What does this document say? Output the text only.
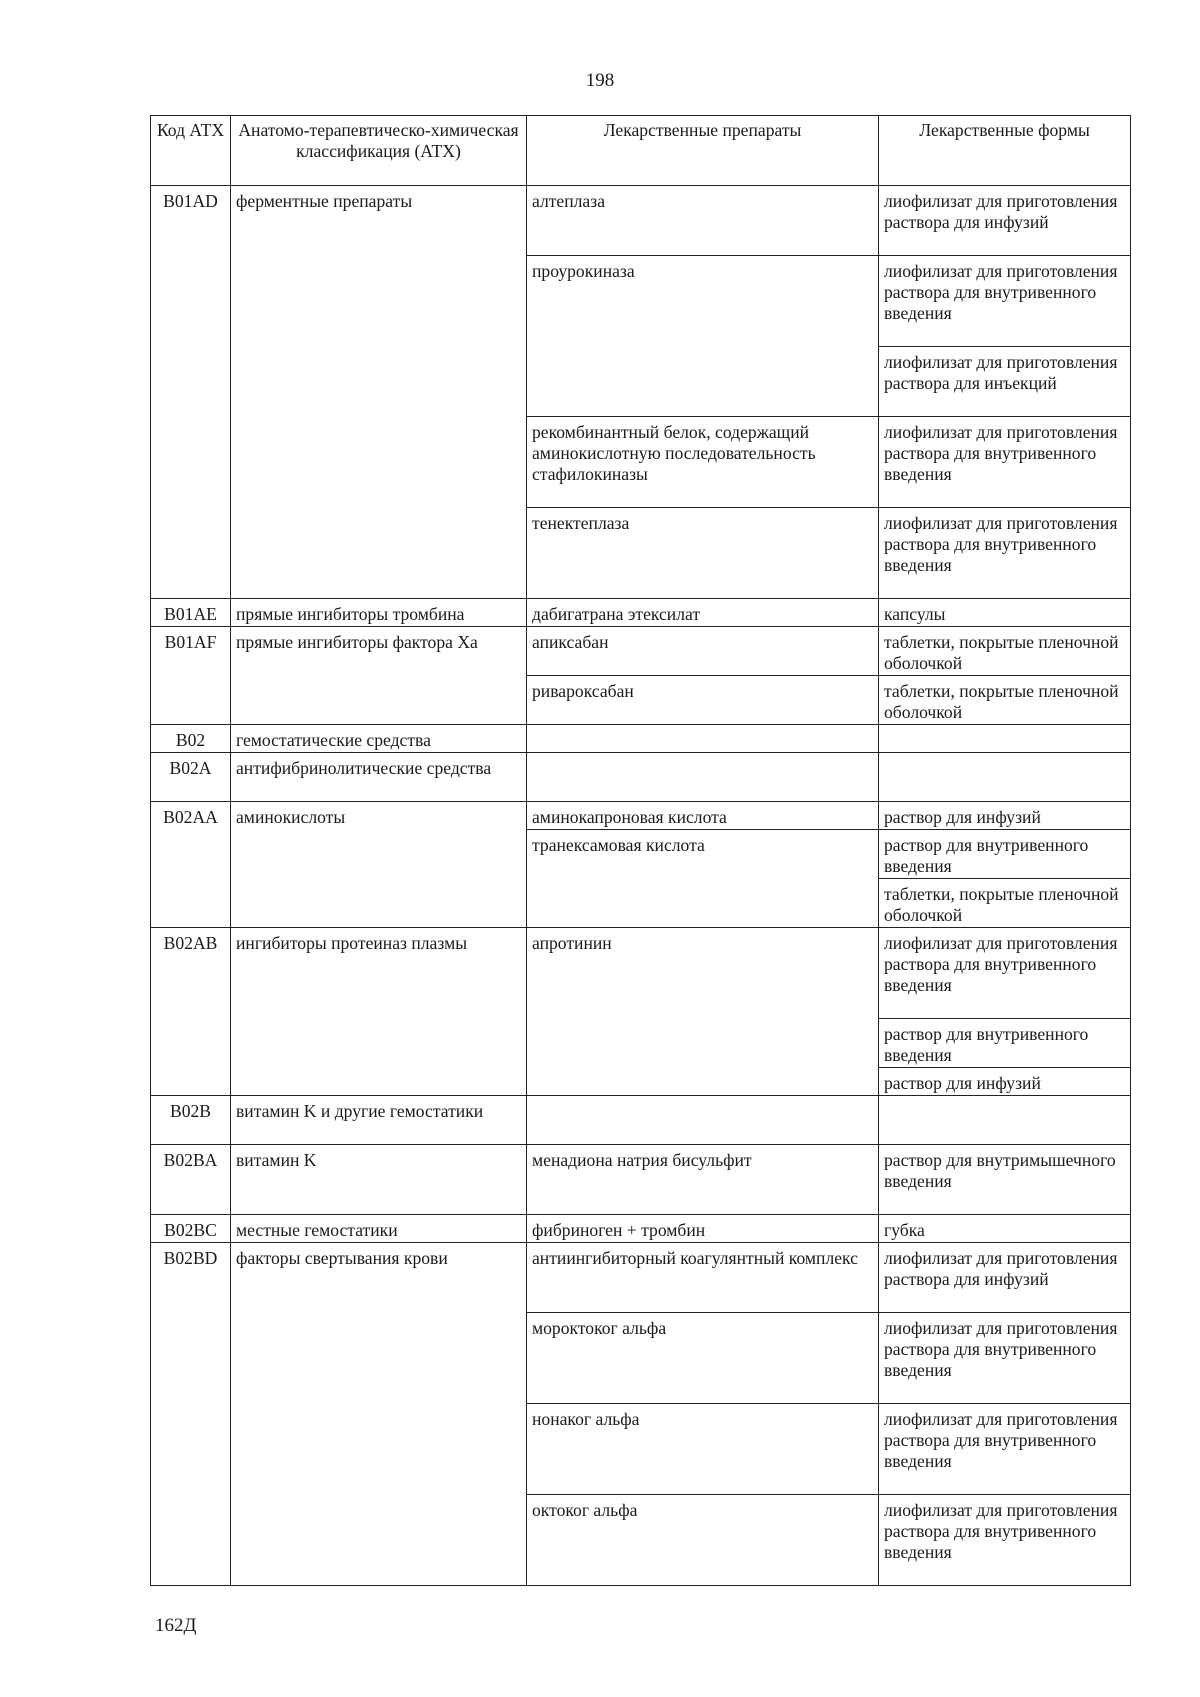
198
Код АТХ	Анатомо-терапевтическо-химическая классификация (АТХ)	Лекарственные препараты	Лекарственные формы
B01AD	ферментные препараты	алтеплаза	лиофилизат для приготовления раствора для инфузий
		проурокиназа	лиофилизат для приготовления раствора для внутривенного введения
			лиофилизат для приготовления раствора для инъекций
		рекомбинантный белок, содержащий аминокислотную последовательность стафилокиназы	лиофилизат для приготовления раствора для внутривенного введения
		тенектеплаза	лиофилизат для приготовления раствора для внутривенного введения
B01AE	прямые ингибиторы тромбина	дабигатрана этексилат	капсулы
B01AF	прямые ингибиторы фактора Xa	апиксабан	таблетки, покрытые пленочной оболочкой
		ривароксабан	таблетки, покрытые пленочной оболочкой
B02	гемостатические средства		
B02A	антифибринолитические средства		
B02AA	аминокислоты	аминокапроновая кислота	раствор для инфузий
		транексамовая кислота	раствор для внутривенного введения
			таблетки, покрытые пленочной оболочкой
B02AB	ингибиторы протеиназ плазмы	апротинин	лиофилизат для приготовления раствора для внутривенного введения
			раствор для внутривенного введения
			раствор для инфузий
B02B	витамин K и другие гемостатики		
B02BA	витамин K	менадиона натрия бисульфит	раствор для внутримышечного введения
B02BC	местные гемостатики	фибриноген + тромбин	губка
B02BD	факторы свертывания крови	антиингибиторный коагулянтный комплекс	лиофилизат для приготовления раствора для инфузий
		мороктоког альфа	лиофилизат для приготовления раствора для внутривенного введения
		нонаког альфа	лиофилизат для приготовления раствора для внутривенного введения
		октоког альфа	лиофилизат для приготовления раствора для внутривенного введения
162Д
